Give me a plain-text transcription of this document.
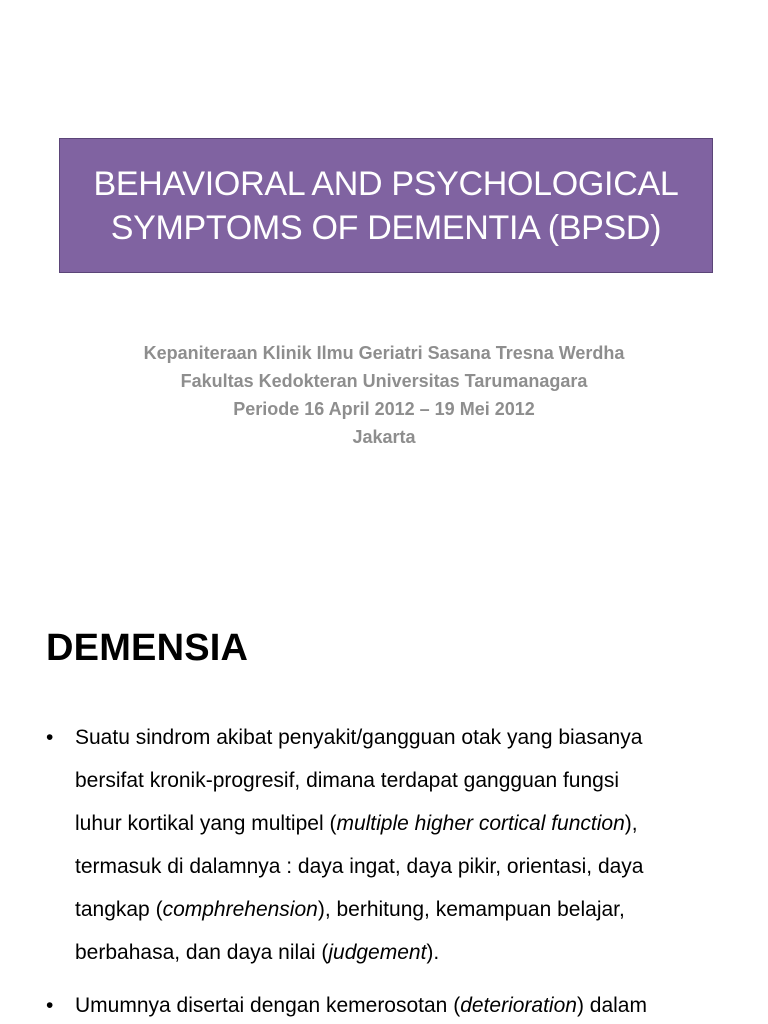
BEHAVIORAL AND PSYCHOLOGICAL
SYMPTOMS OF DEMENTIA (BPSD)
Kepaniteraan Klinik Ilmu Geriatri Sasana Tresna Werdha
Fakultas Kedokteran Universitas Tarumanagara
Periode 16 April 2012 – 19 Mei 2012
Jakarta
DEMENSIA
• Suatu sindrom akibat penyakit/gangguan otak yang biasanya
bersifat kronik-progresif, dimana terdapat gangguan fungsi
luhur kortikal yang multipel (multiple higher cortical function),
termasuk di dalamnya : daya ingat, daya pikir, orientasi, daya
tangkap (comphrehension), berhitung, kemampuan belajar,
berbahasa, dan daya nilai (judgement).
• Umumnya disertai dengan kemerosotan (deterioration) dalam
